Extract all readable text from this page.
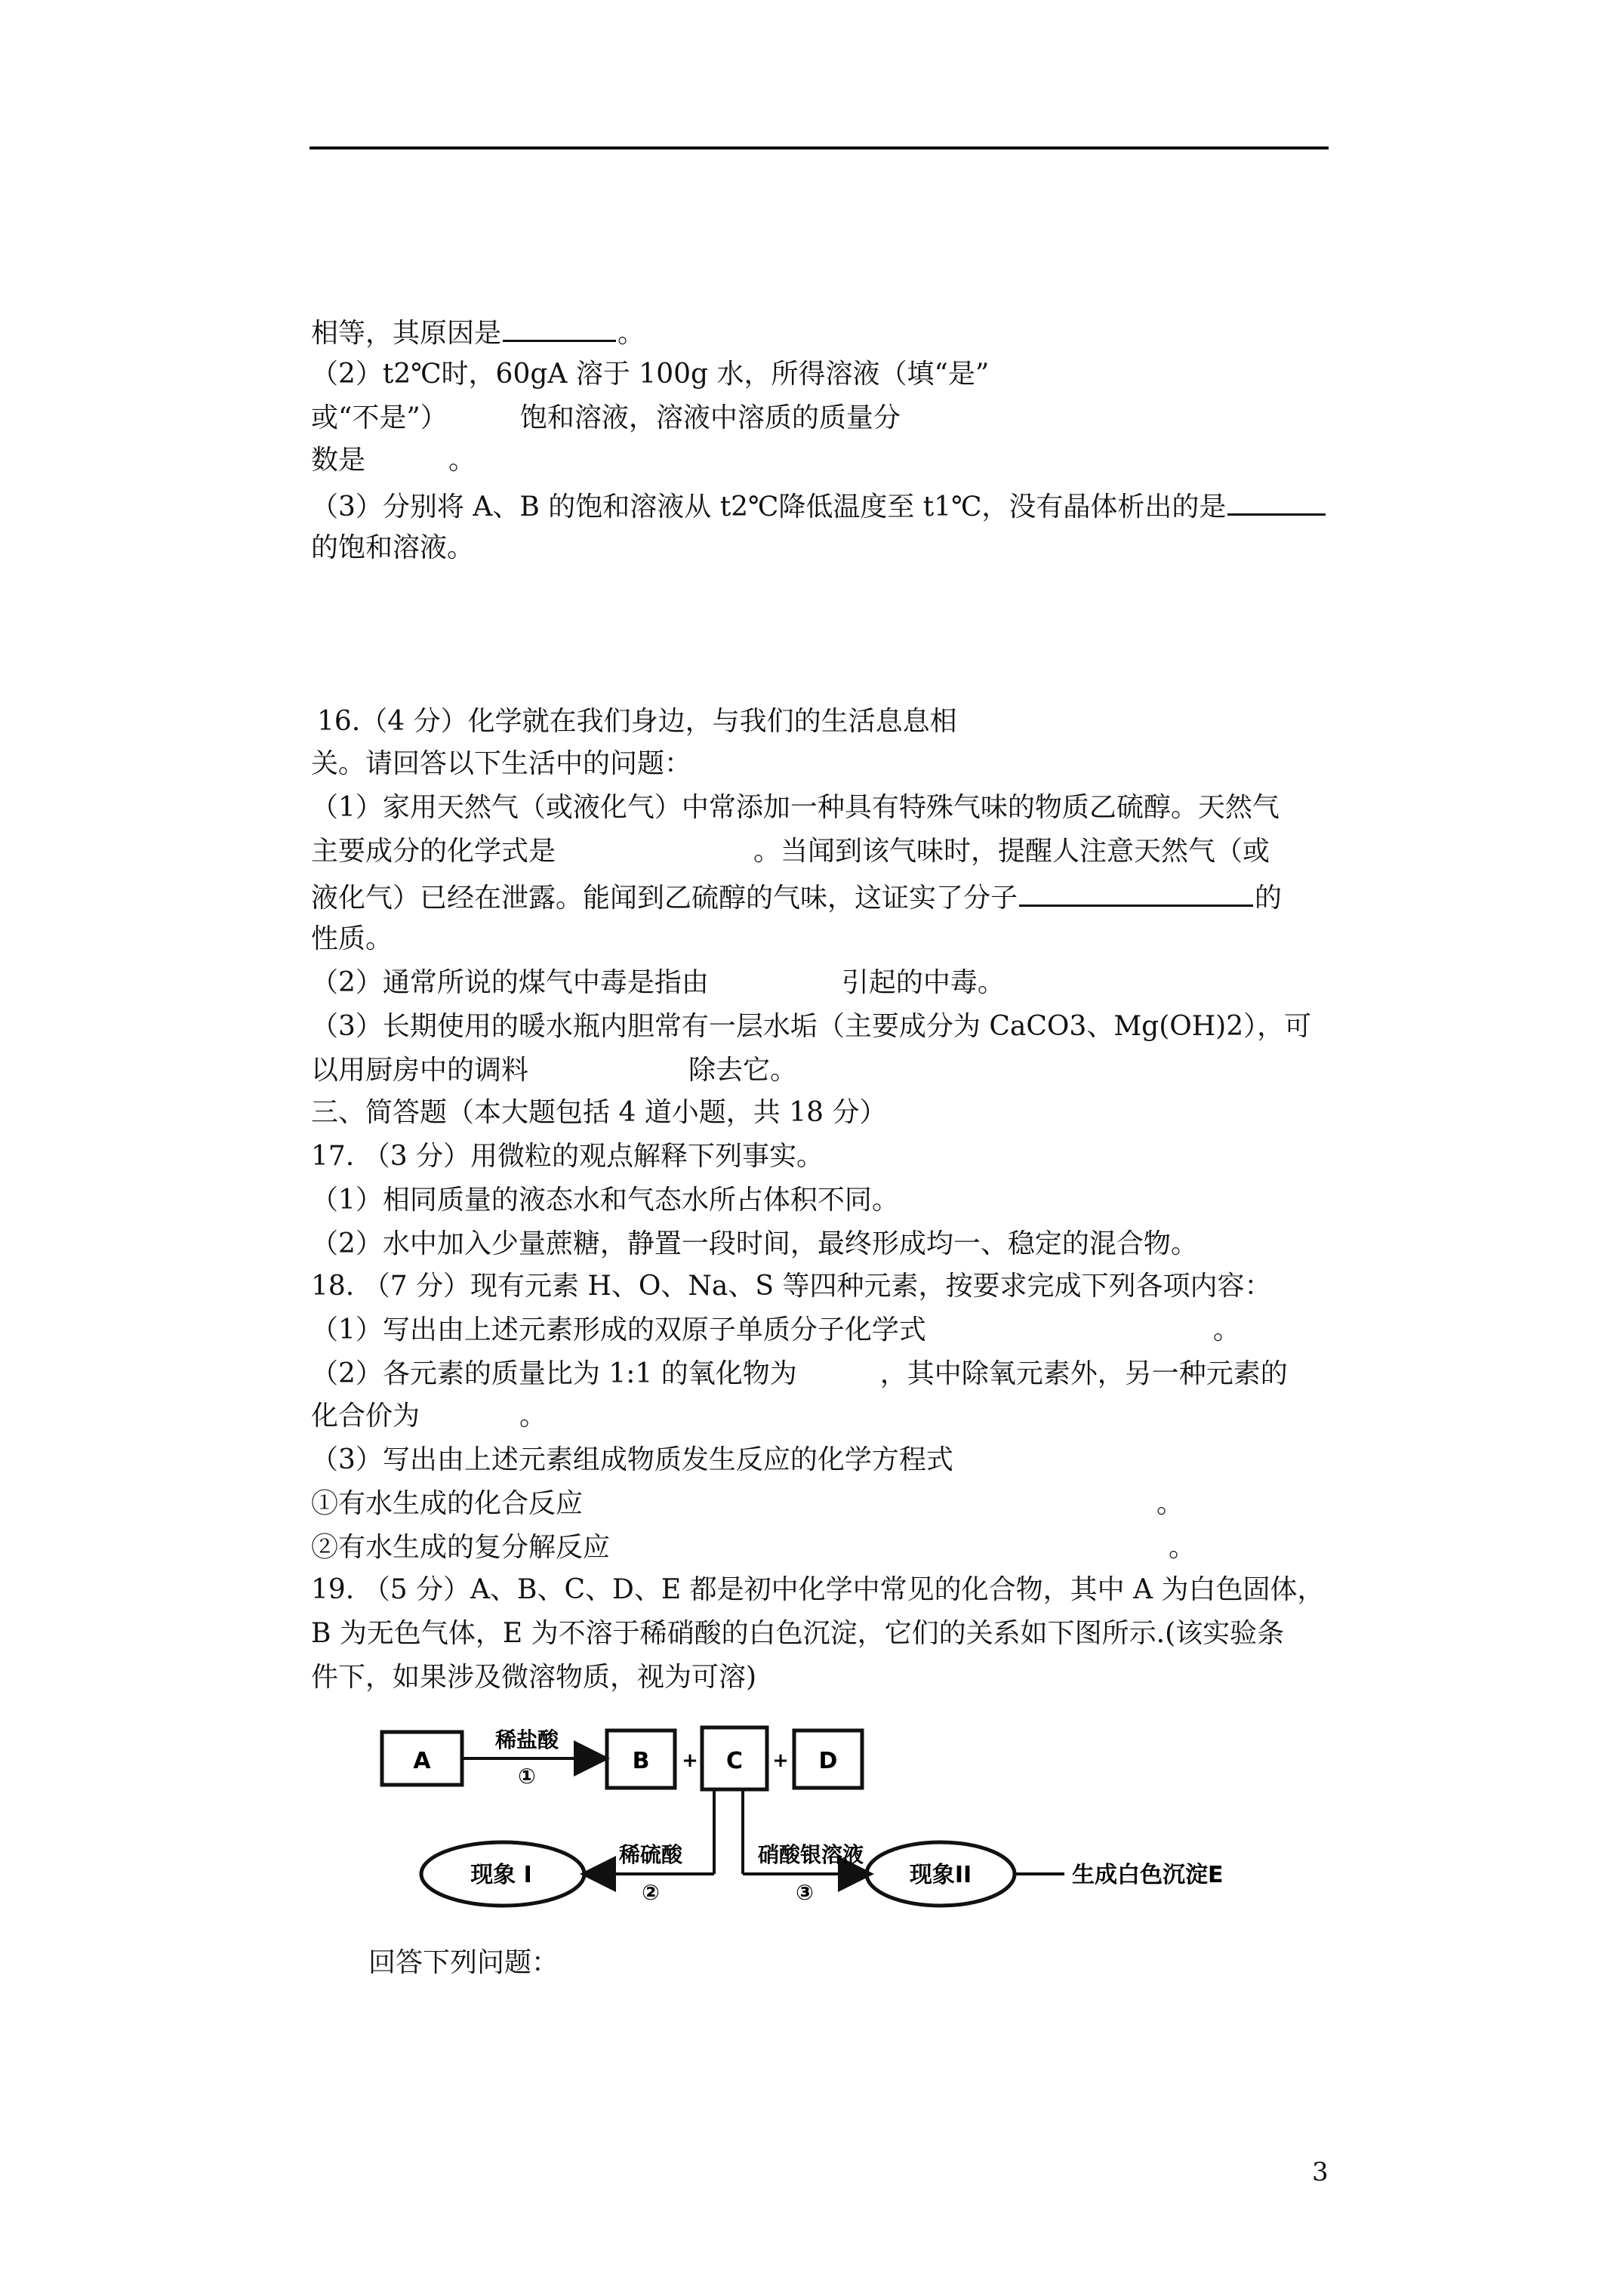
相等，其原因是	。
（2）t2℃时，60gA 溶于 100g 水，所得溶液（填“是”
或“不是”）	饱和溶液，溶液中溶质的质量分
数是	。
（3）分别将 A、B 的饱和溶液从 t2℃降低温度至 t1℃，没有晶体析出的是
的饱和溶液。
16.（4 分）化学就在我们身边，与我们的生活息息相
关。请回答以下生活中的问题：
（1）家用天然气（或液化气）中常添加一种具有特殊气味的物质乙硫醇。天然气
主要成分的化学式是	。当闻到该气味时，提醒人注意天然气（或
液化气）已经在泄露。能闻到乙硫醇的气味，这证实了分子	的
性质。
（2）通常所说的煤气中毒是指由	引起的中毒。
（3）长期使用的暖水瓶内胆常有一层水垢（主要成分为 CaCO3、Mg(OH)2），可
以用厨房中的调料	除去它。
三、简答题（本大题包括 4 道小题，共 18 分）
17. （3 分）用微粒的观点解释下列事实。
（1）相同质量的液态水和气态水所占体积不同。
（2）水中加入少量蔗糖，静置一段时间，最终形成均一、稳定的混合物。
18. （7 分）现有元素 H、O、Na、S 等四种元素，按要求完成下列各项内容：
（1）写出由上述元素形成的双原子单质分子化学式	。
（2）各元素的质量比为 1:1 的氧化物为	，其中除氧元素外，另一种元素的
化合价为	。
（3）写出由上述元素组成物质发生反应的化学方程式
①有水生成的化合反应	。
②有水生成的复分解反应	。
19. （5 分）A、B、C、D、E 都是初中化学中常见的化合物，其中 A 为白色固体，
B 为无色气体，E 为不溶于稀硝酸的白色沉淀，它们的关系如下图所示.(该实验条
件下，如果涉及微溶物质，视为可溶)
A
稀盐酸
①
B + C + D
稀硫酸
②
现象 I
硝酸银溶液
③
现象II	生成白色沉淀E
回答下列问题：
3
